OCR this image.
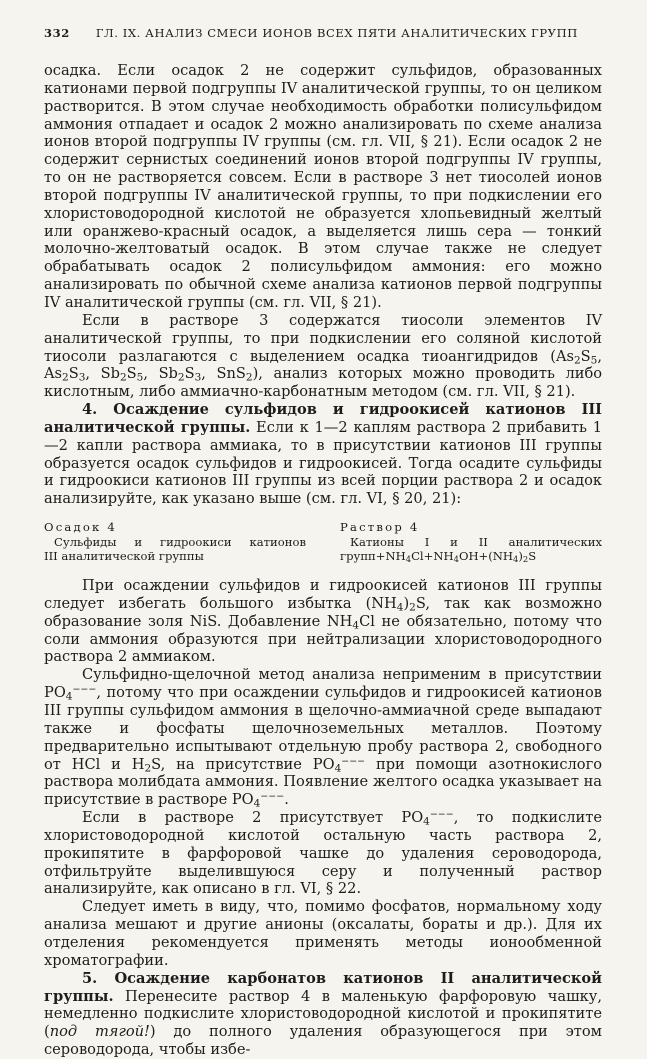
332 ГЛ. IX. АНАЛИЗ СМЕСИ ИОНОВ ВСЕХ ПЯТИ АНАЛИТИЧЕСКИХ ГРУПП

осадка. Если осадок 2 не содержит сульфидов, образованных катионами первой подгруппы IV аналитической группы, то он целиком растворится. В этом случае необходимость обработки полисульфидом аммония отпадает и осадок 2 можно анализировать по схеме анализа ионов второй подгруппы IV группы (см. гл. VII, § 21). Если осадок 2 не содержит сернистых соединений ионов второй подгруппы IV группы, то он не растворяется совсем. Если в растворе 3 нет тиосолей ионов второй подгруппы IV аналитической группы, то при подкислении его хлористоводородной кислотой не образуется хлопьевидный желтый или оранжево-красный осадок, а выделяется лишь сера — тонкий молочно-желтоватый осадок. В этом случае также не следует обрабатывать осадок 2 полисульфидом аммония: его можно анализировать по обычной схеме анализа катионов первой подгруппы IV аналитической группы (см. гл. VII, § 21).

Если в растворе 3 содержатся тиосоли элементов IV аналитической группы, то при подкислении его соляной кислотой тиосоли разлагаются с выделением осадка тиоангидридов ($As_2S_5$, $As_2S_3$, $Sb_2S_5$, $Sb_2S_3$, SnS$_2$), анализ которых можно проводить либо кислотным, либо аммиачно-карбонатным методом (см. гл. VII, § 21).

4. Осаждение сульфидов и гидроокисей катионов III аналитической группы. Если к 1—2 каплям раствора 2 прибавить 1—2 капли раствора аммиака, то в присутствии катионов III группы образуется осадок сульфидов и гидроокисей. Тогда осадите сульфиды и гидроокиси катионов III группы из всей порции раствора 2 и осадок анализируйте, как указано выше (см. гл. VI, § 20, 21):

Осадок 4
Сульфиды и гидроокиси катионов
III аналитической группы
Раствор 4
Катионы I и II аналитических
$групп+NH_4Cl+NH_4OH+(NH_4)_2S$

При осаждении сульфидов и гидроокисей катионов III группы следует избегать большого избытка $(NH_4)_2S$, так как возможно образование золя NiS. Добавление $NH_4Cl$ не обязательно, потому что соли аммония образуются при нейтрализации хлористоводородного раствора 2 аммиаком.

Сульфидно-щелочной метод анализа неприменим в присутствии $PO_4^{---}$, потому что при осаждении сульфидов и гидроокисей катионов III группы сульфидом аммония в щелочно-аммиачной среде выпадают также и фосфаты щелочноземельных металлов. Поэтому предварительно испытывают отдельную пробу раствора 2, свободного от HCl и $H_2S$, на присутствие $PO_4^{---}$ при помощи азотнокислого раствора молибдата аммония. Появление желтого осадка указывает на присутствие в растворе $PO_4^{---}$.

Если в растворе 2 присутствует $PO_4^{---}$, то подкислите хлористоводородной кислотой остальную часть раствора 2, прокипятите в фарфоровой чашке до удаления сероводорода, отфильтруйте выделившуюся серу и полученный раствор анализируйте, как описано в гл. VI, § 22.

Следует иметь в виду, что, помимо фосфатов, нормальному ходу анализа мешают и другие анионы (оксалаты, бораты и др.). Для их отделения рекомендуется применять методы ионообменной хроматографии.

5. Осаждение карбонатов катионов II аналитической группы. Перенесите раствор 4 в маленькую фарфоровую чашку, немедленно подкислите хлористоводородной кислотой и прокипятите (под тягой!) до полного удаления образующегося при этом сероводорода, чтобы избе-
